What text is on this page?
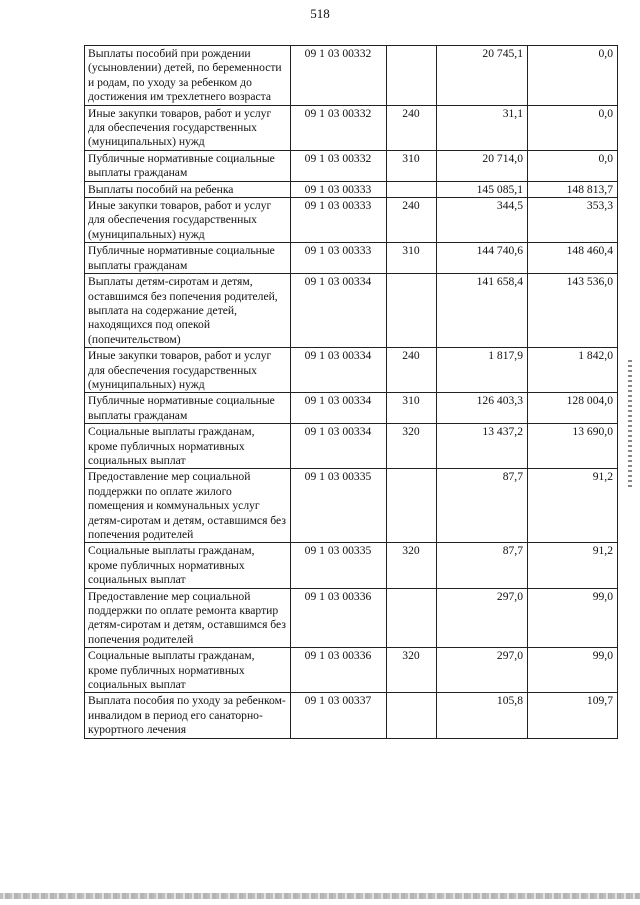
518
Выплаты пособий при рождении (усыновлении) детей, по беременности и родам, по уходу за ребенком до достижения им трехлетнего возраста	09 1 03 00332		20 745,1	0,0
Иные закупки товаров, работ и услуг для обеспечения государственных (муниципальных) нужд	09 1 03 00332	240	31,1	0,0
Публичные нормативные социальные выплаты гражданам	09 1 03 00332	310	20 714,0	0,0
Выплаты пособий на ребенка	09 1 03 00333		145 085,1	148 813,7
Иные закупки товаров, работ и услуг для обеспечения государственных (муниципальных) нужд	09 1 03 00333	240	344,5	353,3
Публичные нормативные социальные выплаты гражданам	09 1 03 00333	310	144 740,6	148 460,4
Выплаты детям-сиротам и детям, оставшимся без попечения родителей, выплата на содержание детей, находящихся под опекой (попечительством)	09 1 03 00334		141 658,4	143 536,0
Иные закупки товаров, работ и услуг для обеспечения государственных (муниципальных) нужд	09 1 03 00334	240	1 817,9	1 842,0
Публичные нормативные социальные выплаты гражданам	09 1 03 00334	310	126 403,3	128 004,0
Социальные выплаты гражданам, кроме публичных нормативных социальных выплат	09 1 03 00334	320	13 437,2	13 690,0
Предоставление мер социальной поддержки по оплате жилого помещения и коммунальных услуг детям-сиротам и детям, оставшимся без попечения родителей	09 1 03 00335		87,7	91,2
Социальные выплаты гражданам, кроме публичных нормативных социальных выплат	09 1 03 00335	320	87,7	91,2
Предоставление мер социальной поддержки по оплате ремонта квартир детям-сиротам и детям, оставшимся без попечения родителей	09 1 03 00336		297,0	99,0
Социальные выплаты гражданам, кроме публичных нормативных социальных выплат	09 1 03 00336	320	297,0	99,0
Выплата пособия по уходу за ребенком-инвалидом в период его санаторно-курортного лечения	09 1 03 00337		105,8	109,7
